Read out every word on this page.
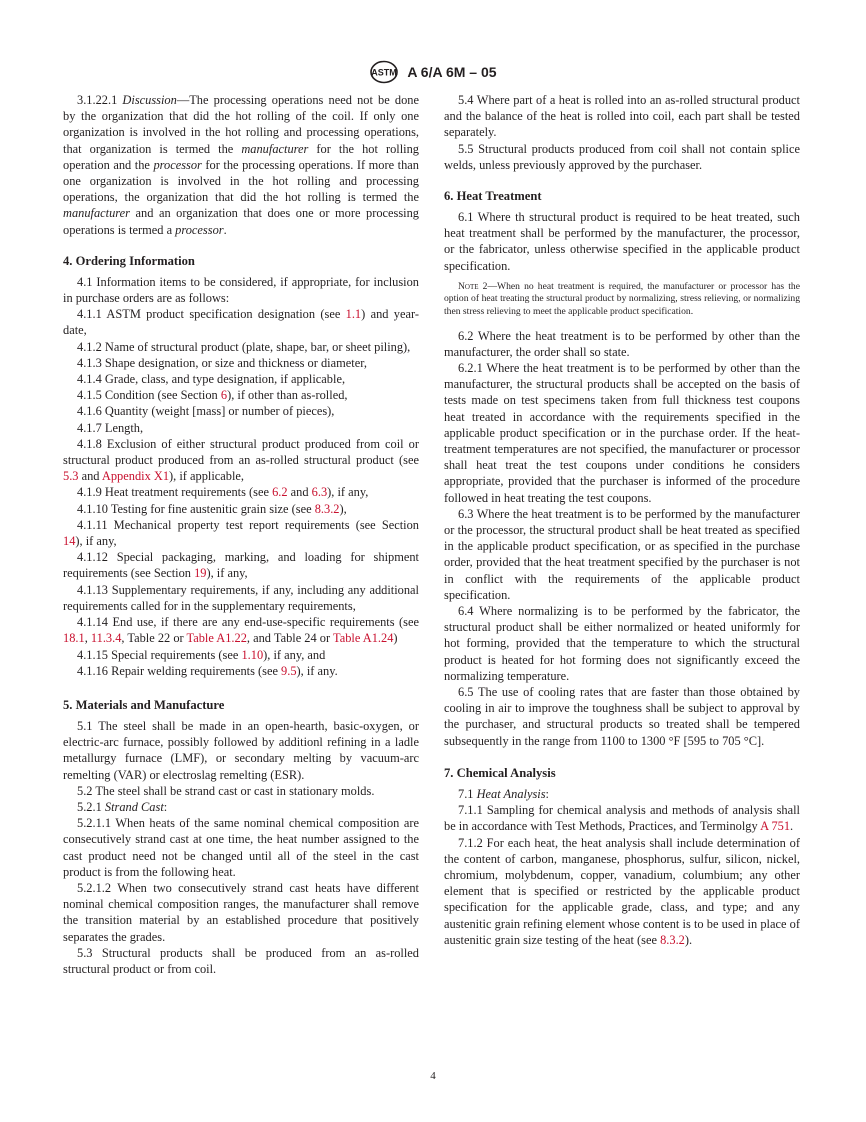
ASTM A 6/A 6M – 05

3.1.22.1 Discussion—The processing operations need not be done by the organization that did the hot rolling of the coil. If only one organization is involved in the hot rolling and processing operations, that organization is termed the manufacturer for the hot rolling operation and the processor for the processing operations. If more than one organization is involved in the hot rolling and processing operations, the organization that did the hot rolling is termed the manufacturer and an organization that does one or more processing operations is termed a processor.

4. Ordering Information

4.1 Information items to be considered, if appropriate, for inclusion in purchase orders are as follows:

4.1.1 ASTM product specification designation (see 1.1) and year-date,

4.1.2 Name of structural product (plate, shape, bar, or sheet piling),

4.1.3 Shape designation, or size and thickness or diameter,

4.1.4 Grade, class, and type designation, if applicable,

4.1.5 Condition (see Section 6), if other than as-rolled,

4.1.6 Quantity (weight [mass] or number of pieces),

4.1.7 Length,

4.1.8 Exclusion of either structural product produced from coil or structural product produced from an as-rolled structural product (see 5.3 and Appendix X1), if applicable,

4.1.9 Heat treatment requirements (see 6.2 and 6.3), if any,

4.1.10 Testing for fine austenitic grain size (see 8.3.2),

4.1.11 Mechanical property test report requirements (see Section 14), if any,

4.1.12 Special packaging, marking, and loading for shipment requirements (see Section 19), if any,

4.1.13 Supplementary requirements, if any, including any additional requirements called for in the supplementary requirements,

4.1.14 End use, if there are any end-use-specific requirements (see 18.1, 11.3.4, Table 22 or Table A1.22, and Table 24 or Table A1.24)

4.1.15 Special requirements (see 1.10), if any, and

4.1.16 Repair welding requirements (see 9.5), if any.

5. Materials and Manufacture

5.1 The steel shall be made in an open-hearth, basic-oxygen, or electric-arc furnace, possibly followed by additionl refining in a ladle metallurgy furnace (LMF), or secondary melting by vacuum-arc remelting (VAR) or electroslag remelting (ESR).

5.2 The steel shall be strand cast or cast in stationary molds.

5.2.1 Strand Cast:

5.2.1.1 When heats of the same nominal chemical composition are consecutively strand cast at one time, the heat number assigned to the cast product need not be changed until all of the steel in the cast product is from the following heat.

5.2.1.2 When two consecutively strand cast heats have different nominal chemical composition ranges, the manufacturer shall remove the transition material by an established procedure that positively separates the grades.

5.3 Structural products shall be produced from an as-rolled structural product or from coil.

5.4 Where part of a heat is rolled into an as-rolled structural product and the balance of the heat is rolled into coil, each part shall be tested separately.

5.5 Structural products produced from coil shall not contain splice welds, unless previously approved by the purchaser.

6. Heat Treatment

6.1 Where th structural product is required to be heat treated, such heat treatment shall be performed by the manufacturer, the processor, or the fabricator, unless otherwise specified in the applicable product specification.

Note 2—When no heat treatment is required, the manufacturer or processor has the option of heat treating the structural product by normalizing, stress relieving, or normalizing then stress relieving to meet the applicable product specification.

6.2 Where the heat treatment is to be performed by other than the manufacturer, the order shall so state.

6.2.1 Where the heat treatment is to be performed by other than the manufacturer, the structural products shall be accepted on the basis of tests made on test specimens taken from full thickness test coupons heat treated in accordance with the requirements specified in the applicable product specification or in the purchase order. If the heat-treatment temperatures are not specified, the manufacturer or processor shall heat treat the test coupons under conditions he considers appropriate, provided that the purchaser is informed of the procedure followed in heat treating the test coupons.

6.3 Where the heat treatment is to be performed by the manufacturer or the processor, the structural product shall be heat treated as specified in the applicable product specification, or as specified in the purchase order, provided that the heat treatment specified by the purchaser is not in conflict with the requirements of the applicable product specification.

6.4 Where normalizing is to be performed by the fabricator, the structural product shall be either normalized or heated uniformly for hot forming, provided that the temperature to which the structural product is heated for hot forming does not significantly exceed the normalizing temperature.

6.5 The use of cooling rates that are faster than those obtained by cooling in air to improve the toughness shall be subject to approval by the purchaser, and structural products so treated shall be tempered subsequently in the range from 1100 to 1300 °F [595 to 705 °C].

7. Chemical Analysis

7.1 Heat Analysis:

7.1.1 Sampling for chemical analysis and methods of analysis shall be in accordance with Test Methods, Practices, and Terminolgy A 751.

7.1.2 For each heat, the heat analysis shall include determination of the content of carbon, manganese, phosphorus, sulfur, silicon, nickel, chromium, molybdenum, copper, vanadium, columbium; any other element that is specified or restricted by the applicable product specification for the applicable grade, class, and type; and any austenitic grain refining element whose content is to be used in place of austenitic grain size testing of the heat (see 8.3.2).

4
